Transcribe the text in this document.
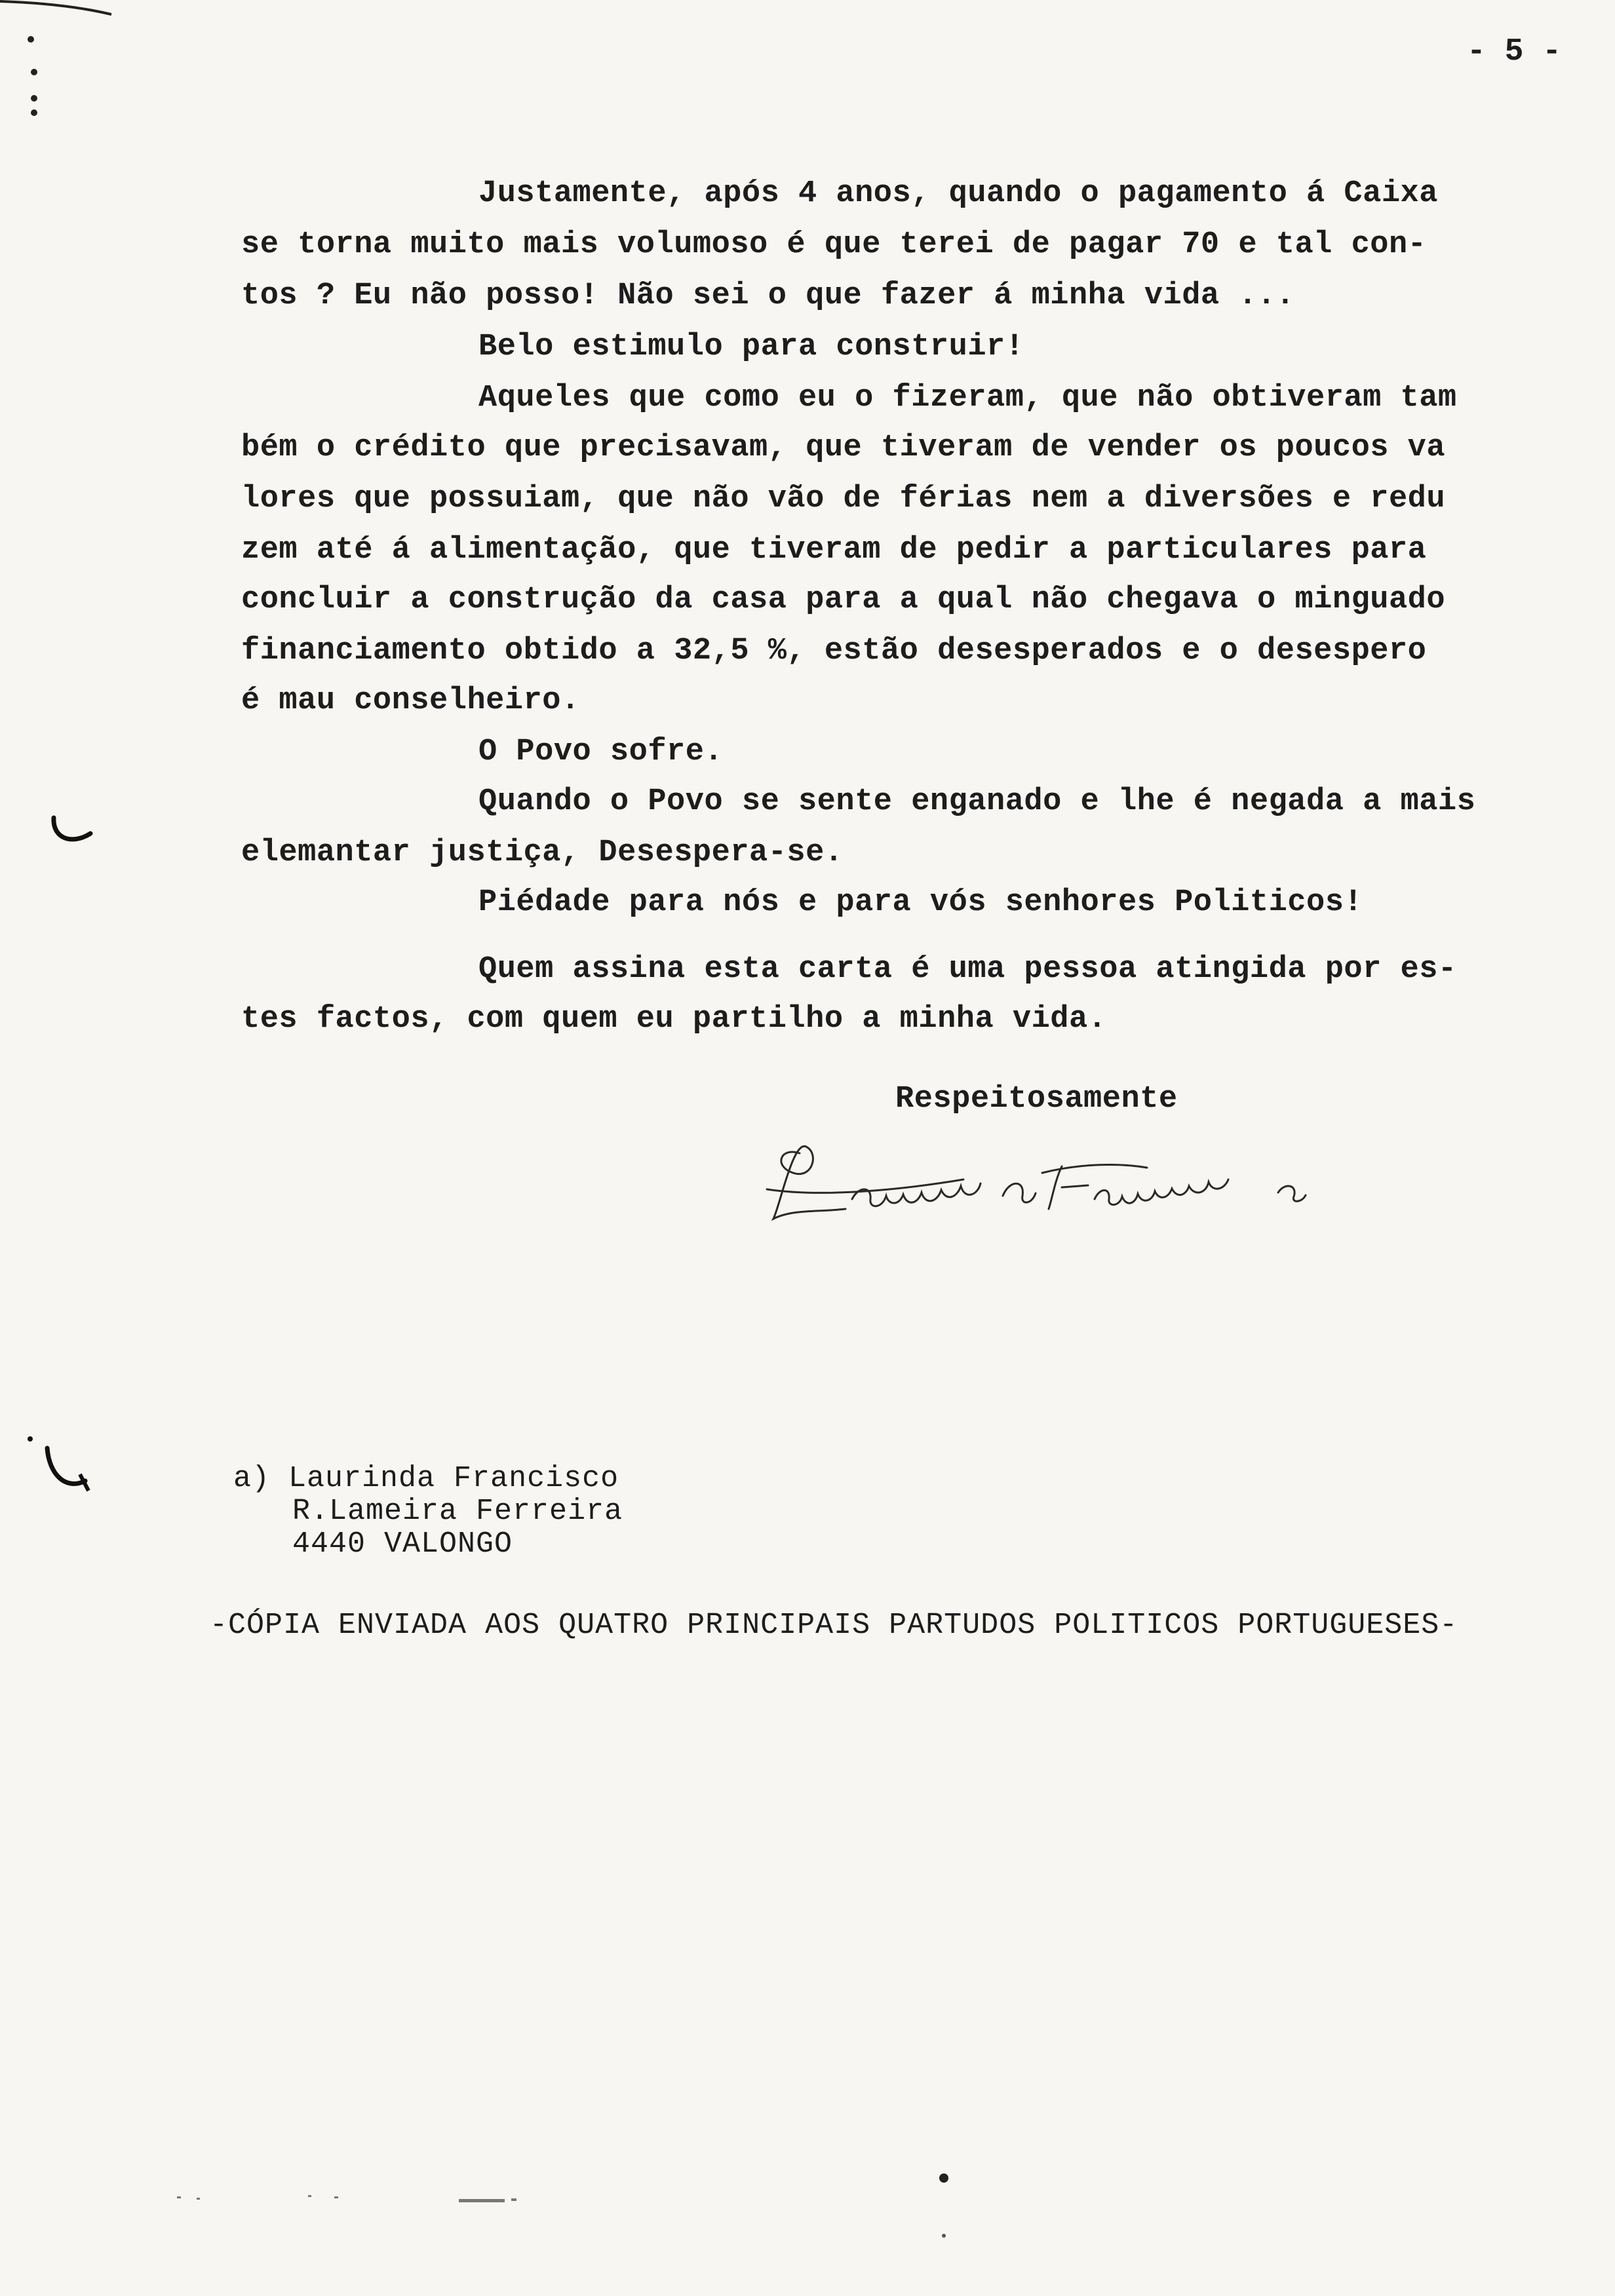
- 5 -
Justamente, após 4 anos, quando o pagamento á Caixa
se torna muito mais volumoso é que terei de pagar 70 e tal con-
tos ? Eu não posso! Não sei o que fazer á minha vida ...
Belo estimulo para construir!
Aqueles que como eu o fizeram, que não obtiveram tam
bém o crédito que precisavam, que tiveram de vender os poucos va
lores que possuiam, que não vão de férias nem a diversões e redu
zem até á alimentação, que tiveram de pedir a particulares para
concluir a construção da casa para a qual não chegava o minguado
financiamento obtido a 32,5 %, estão desesperados e o desespero
é mau conselheiro.
O Povo sofre.
Quando o Povo se sente enganado e lhe é negada a mais
elemantar justiça, Desespera-se.
Piédade para nós e para vós senhores Politicos!
Quem assina esta carta é uma pessoa atingida por es-
tes factos, com quem eu partilho a minha vida.
Respeitosamente
a) Laurinda Francisco
R.Lameira Ferreira
4440 VALONGO
-CÓPIA ENVIADA AOS QUATRO PRINCIPAIS PARTUDOS POLITICOS PORTUGUESES-
